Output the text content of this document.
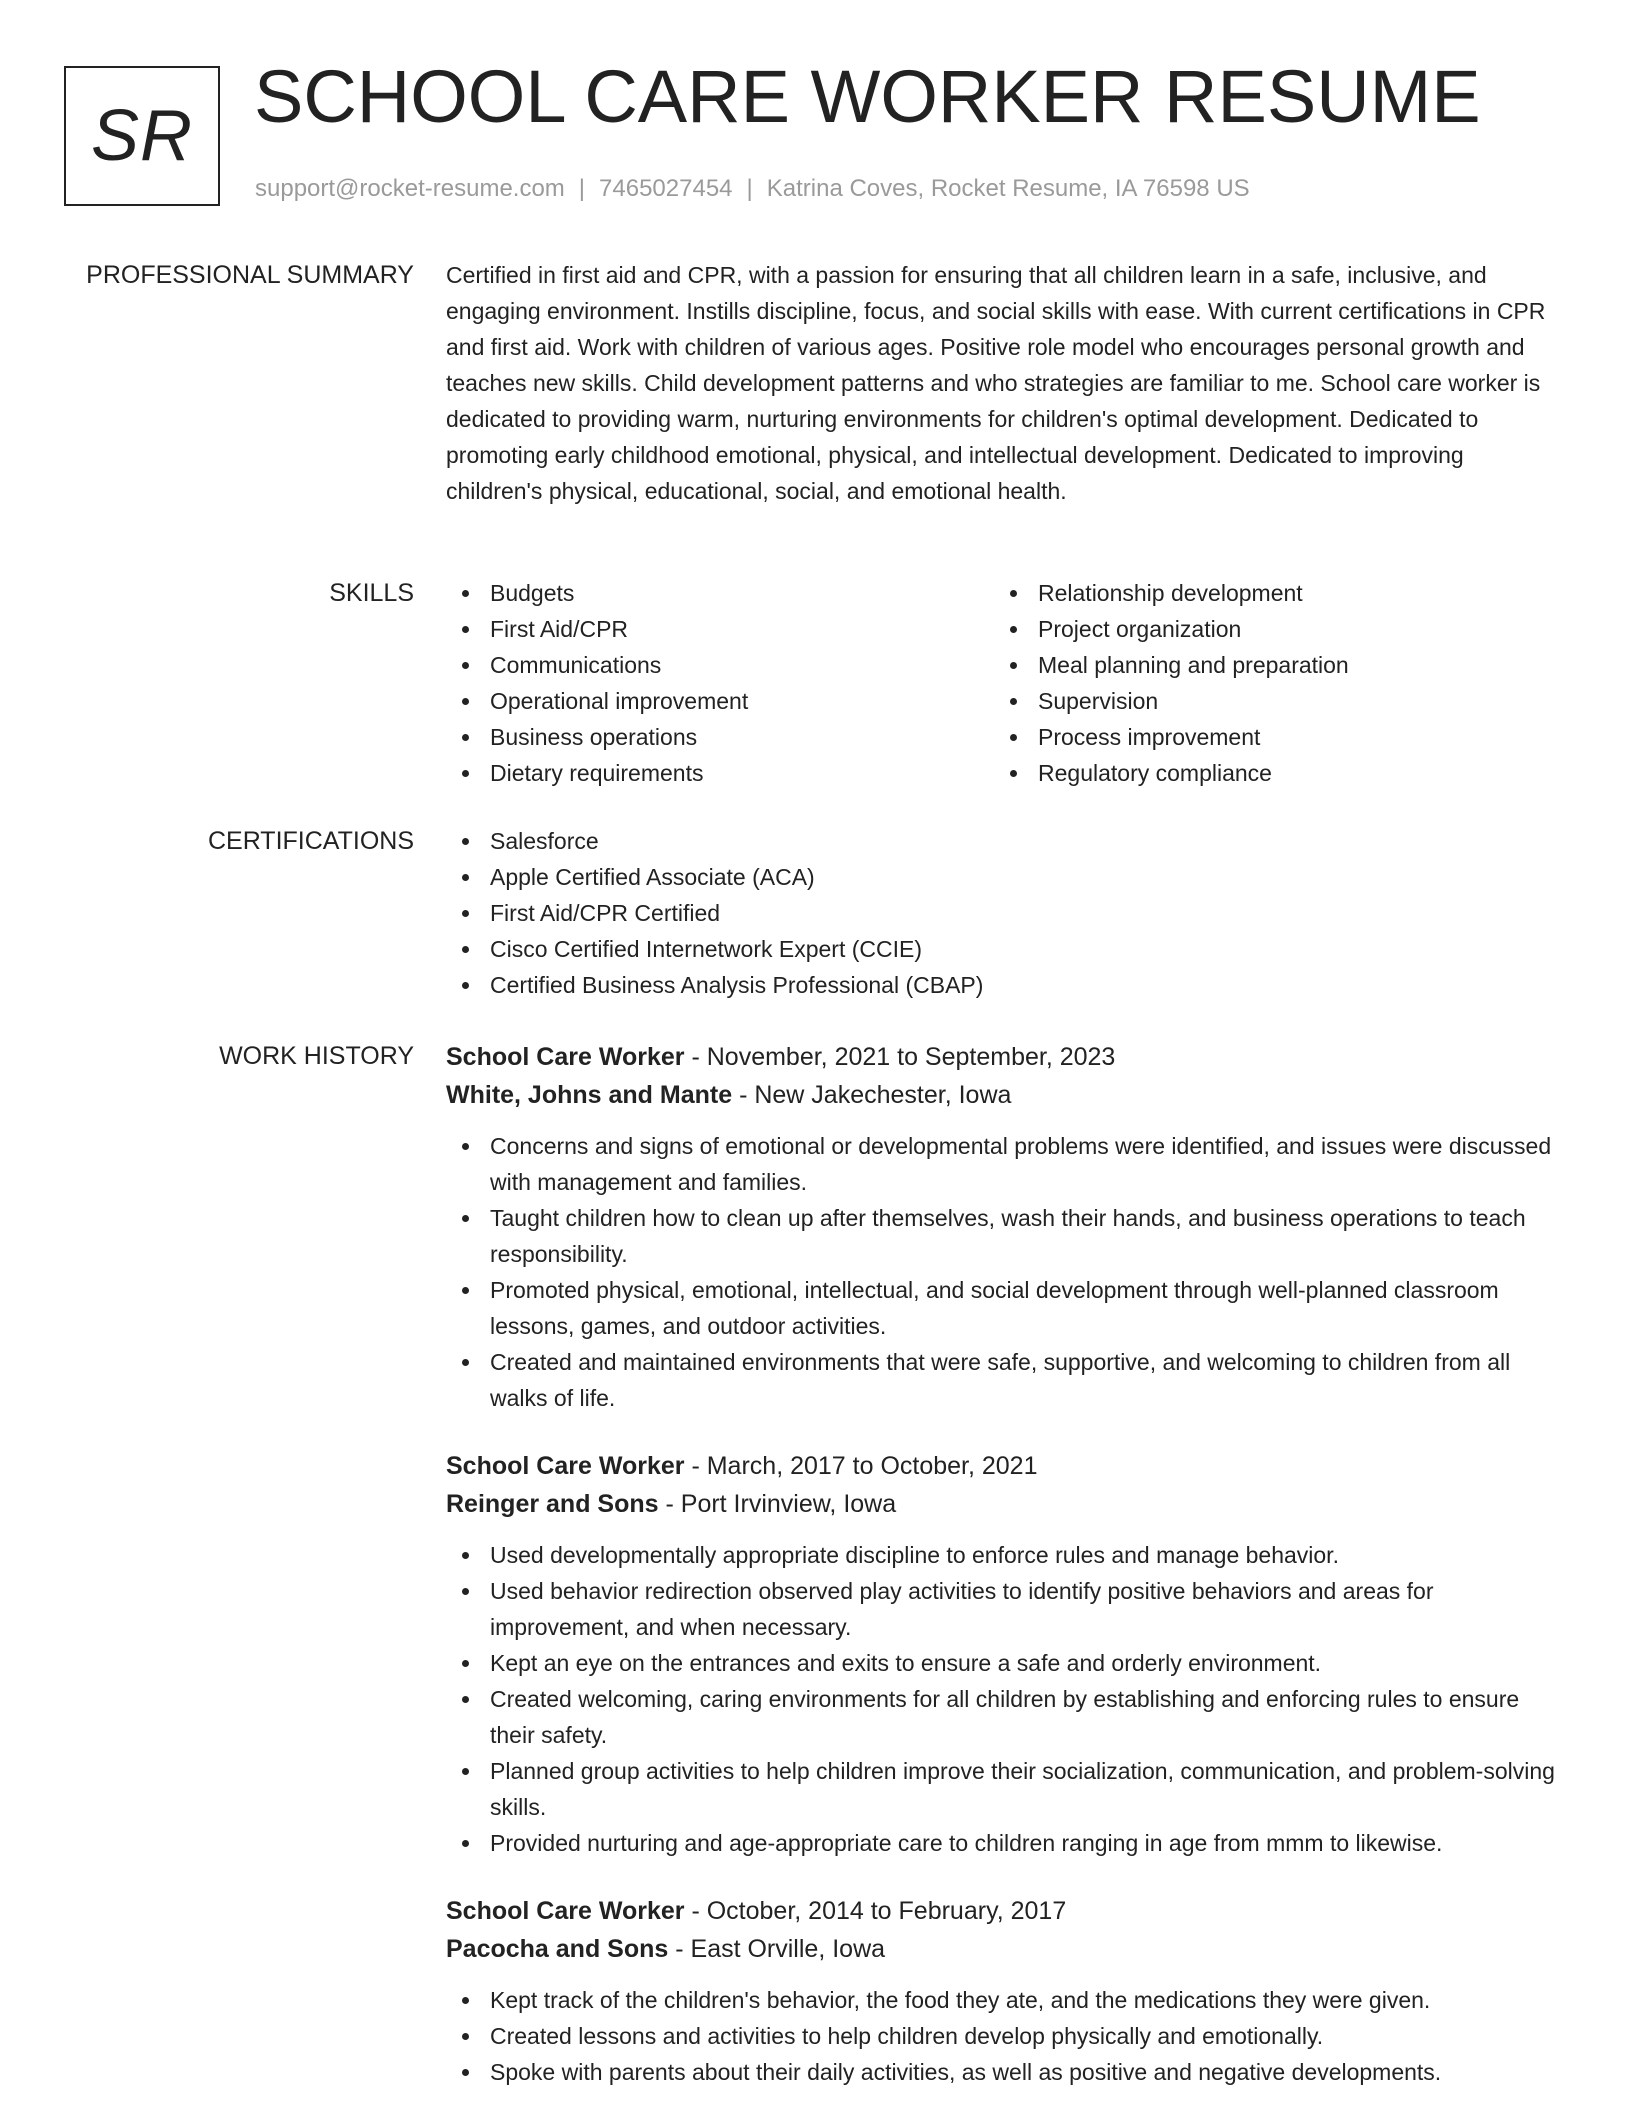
SR SCHOOL CARE WORKER RESUME
support@rocket-resume.com | 7465027454 | Katrina Coves, Rocket Resume, IA 76598 US
PROFESSIONAL SUMMARY Certified in first aid and CPR, with a passion for ensuring that all children learn in a safe, inclusive, and engaging environment. Instills discipline, focus, and social skills with ease. With current certifications in CPR and first aid. Work with children of various ages. Positive role model who encourages personal growth and teaches new skills. Child development patterns and who strategies are familiar to me. School care worker is dedicated to providing warm, nurturing environments for children's optimal development. Dedicated to promoting early childhood emotional, physical, and intellectual development. Dedicated to improving children's physical, educational, social, and emotional health.

SKILLS	Budgets
First Aid/CPR
Communications
Operational improvement
Business operations
Dietary requirements
Relationship development
Project organization
Meal planning and preparation
Supervision
Process improvement
Regulatory compliance
CERTIFICATIONS	Salesforce
Apple Certified Associate (ACA)
First Aid/CPR Certified
Cisco Certified Internetwork Expert (CCIE)
Certified Business Analysis Professional (CBAP)
WORK HISTORY School Care Worker - November, 2021 to September, 2023
White, Johns and Mante - New Jakechester, Iowa
Concerns and signs of emotional or developmental problems were identified, and issues were discussed with management and families.
Taught children how to clean up after themselves, wash their hands, and business operations to teach responsibility.
Promoted physical, emotional, intellectual, and social development through well-planned classroom lessons, games, and outdoor activities.
Created and maintained environments that were safe, supportive, and welcoming to children from all walks of life.
School Care Worker - March, 2017 to October, 2021
Reinger and Sons - Port Irvinview, Iowa
Used developmentally appropriate discipline to enforce rules and manage behavior.
Used behavior redirection observed play activities to identify positive behaviors and areas for improvement, and when necessary.
Kept an eye on the entrances and exits to ensure a safe and orderly environment.
Created welcoming, caring environments for all children by establishing and enforcing rules to ensure their safety.
Planned group activities to help children improve their socialization, communication, and problem-solving skills.
Provided nurturing and age-appropriate care to children ranging in age from mmm to likewise.
School Care Worker - October, 2014 to February, 2017
Pacocha and Sons - East Orville, Iowa
Kept track of the children's behavior, the food they ate, and the medications they were given.
Created lessons and activities to help children develop physically and emotionally.
Spoke with parents about their daily activities, as well as positive and negative developments.
